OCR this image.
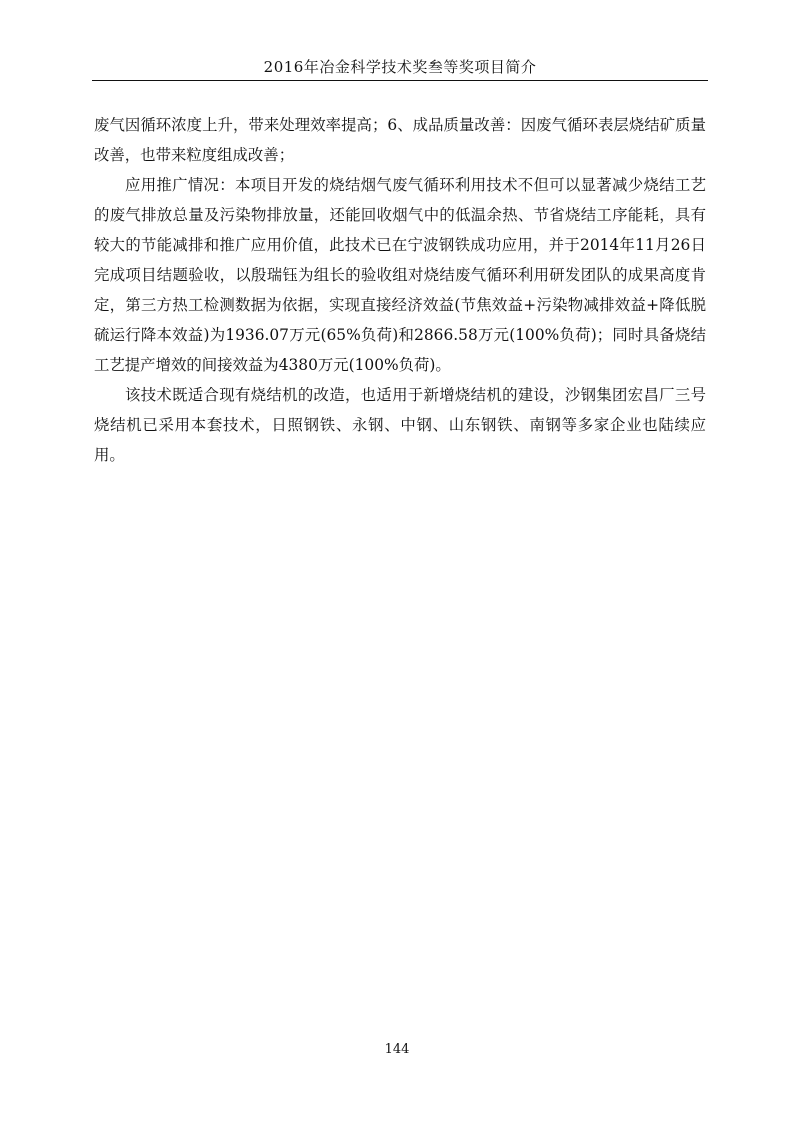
2016年冶金科学技术奖叁等奖项目简介

废气因循环浓度上升，带来处理效率提高；6、成品质量改善：因废气循环表层烧结矿质量改善，也带来粒度组成改善；

应用推广情况：本项目开发的烧结烟气废气循环利用技术不但可以显著减少烧结工艺的废气排放总量及污染物排放量，还能回收烟气中的低温余热、节省烧结工序能耗，具有较大的节能减排和推广应用价值，此技术已在宁波钢铁成功应用，并于2014年11月26日完成项目结题验收，以殷瑞钰为组长的验收组对烧结废气循环利用研发团队的成果高度肯定，第三方热工检测数据为依据，实现直接经济效益(节焦效益+污染物减排效益+降低脱硫运行降本效益)为1936.07万元(65%负荷)和2866.58万元(100%负荷)；同时具备烧结工艺提产增效的间接效益为4380万元(100%负荷)。

该技术既适合现有烧结机的改造，也适用于新增烧结机的建设，沙钢集团宏昌厂三号烧结机已采用本套技术，日照钢铁、永钢、中钢、山东钢铁、南钢等多家企业也陆续应用。

144
